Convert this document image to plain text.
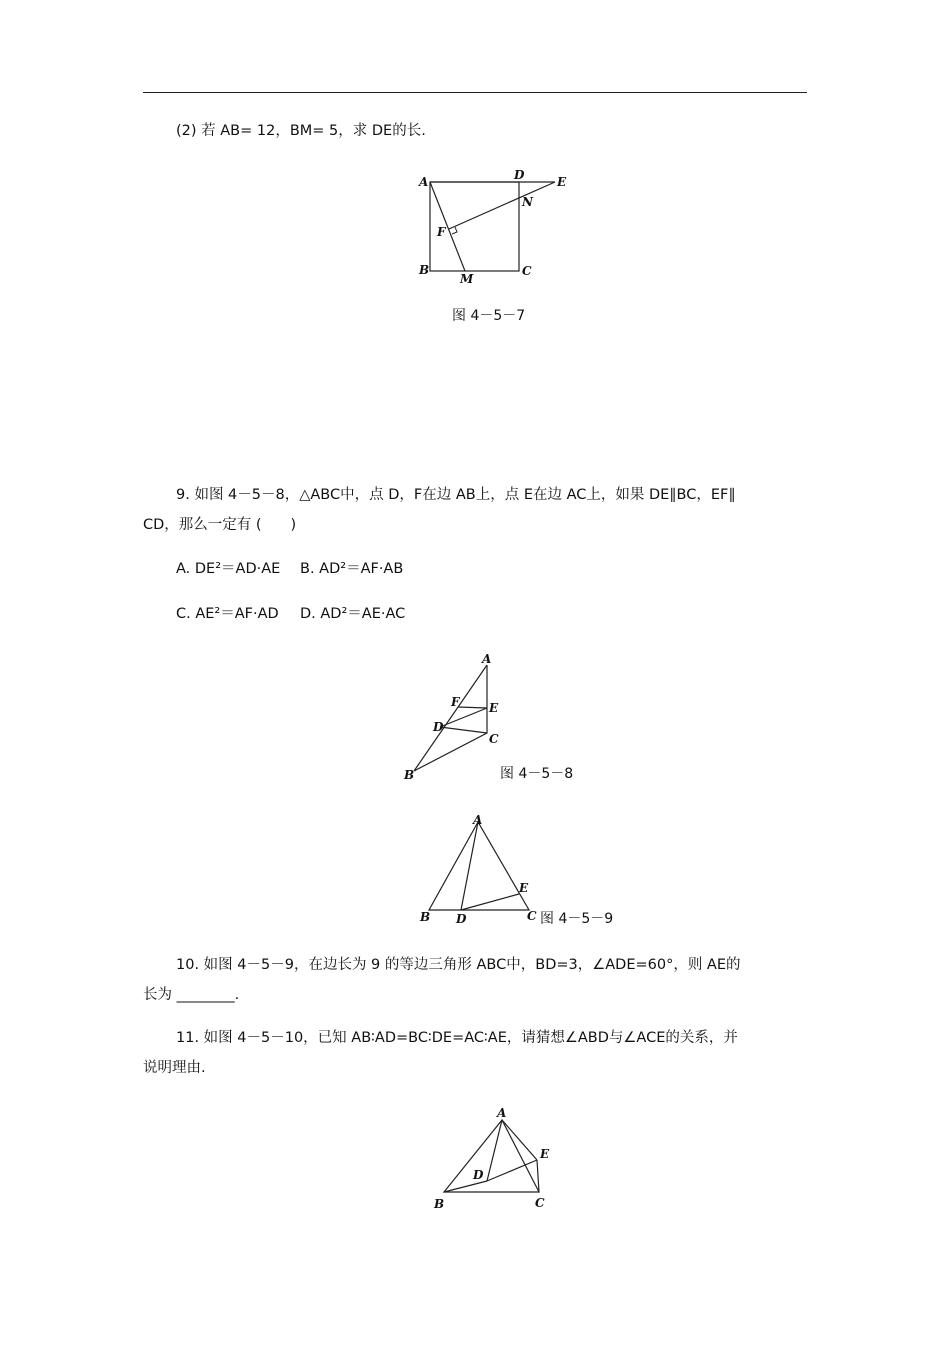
(2) 若 AB= 12，BM= 5，求 DE的长.
A	D	E
N
F
B
M
C
图 4－5－7
9. 如图 4－5－8，△ABC中，点 D，F在边 AB上，点 E在边 AC上，如果 DE∥BC，EF∥
CD，那么一定有 (　　)
A. DE²＝AD·AE B. AD²＝AF·AB
C. AE²＝AF·AD D. AD²＝AE·AC
A
F E
D
C
B	图 4－5－8
A
E
B D	C 图 4－5－9
10. 如图 4－5－9，在边长为 9 的等边三角形 ABC中，BD=3，∠ADE=60°，则 AE的
长为 ________.
11. 如图 4－5－10，已知 AB∶AD=BC∶DE=AC∶AE，请猜想∠ABD与∠ACE的关系，并
说明理由.
A
D
E
B	C
